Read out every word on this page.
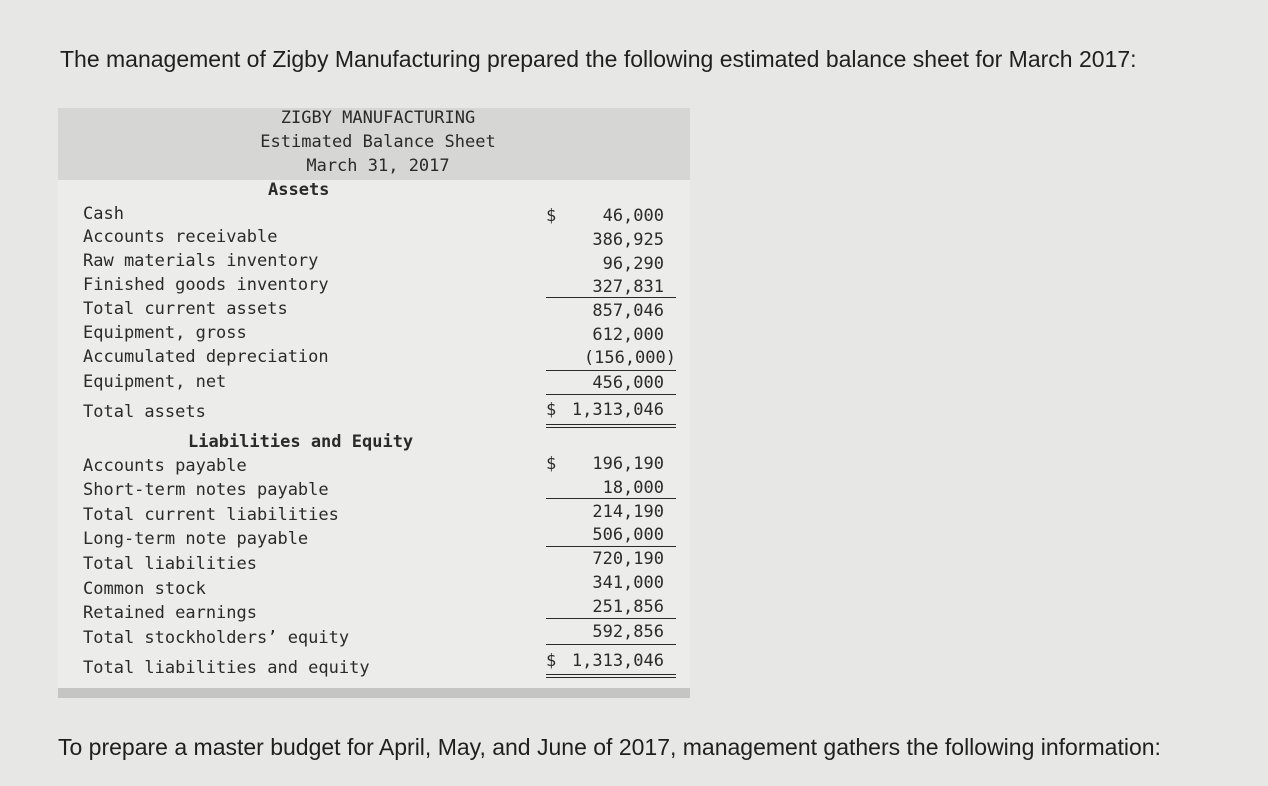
The management of Zigby Manufacturing prepared the following estimated balance sheet for March 2017:
ZIGBY MANUFACTURING
Estimated Balance Sheet
March 31, 2017
Assets
Cash	$	46,000
Accounts receivable	386,925
Raw materials inventory	96,290
Finished goods inventory	327,831
Total current assets	857,046
Equipment, gross	612,000
Accumulated depreciation	(156,000)
Equipment, net	456,000
Total assets	$ 1,313,046
Liabilities and Equity
Accounts payable	$	196,190
Short-term notes payable	18,000
Total current liabilities	214,190
Long-term note payable	506,000
Total liabilities	720,190
Common stock	341,000
Retained earnings	251,856
Total stockholders’ equity	592,856
Total liabilities and equity	$ 1,313,046
To prepare a master budget for April, May, and June of 2017, management gathers the following information:
